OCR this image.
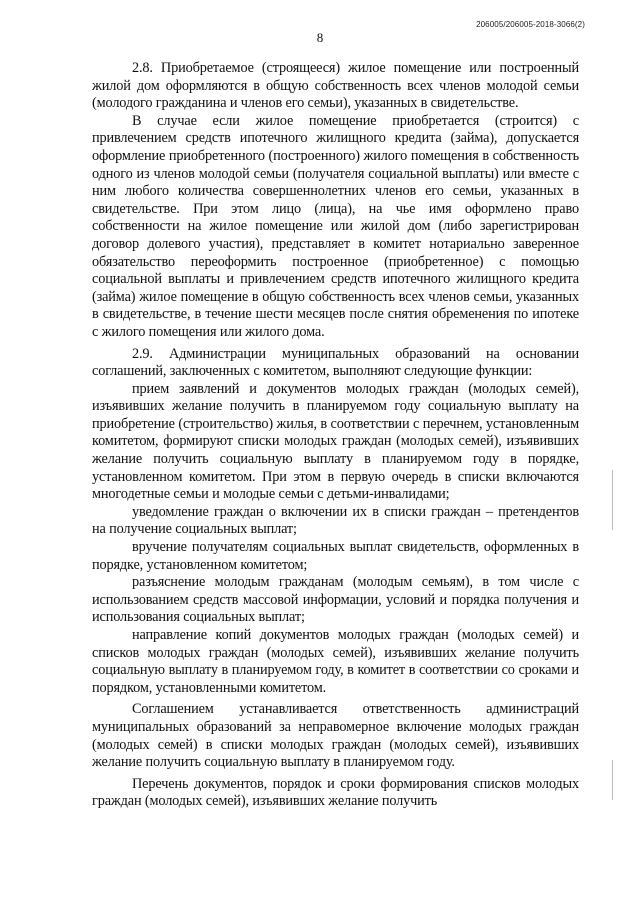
206005/206005-2018-3066(2)
8

2.8. Приобретаемое (строящееся) жилое помещение или построенный жилой дом оформляются в общую собственность всех членов молодой семьи (молодого гражданина и членов его семьи), указанных в свидетельстве.

В случае если жилое помещение приобретается (строится) с привлечением средств ипотечного жилищного кредита (займа), допускается оформление приобретенного (построенного) жилого помещения в собственность одного из членов молодой семьи (получателя социальной выплаты) или вместе с ним любого количества совершеннолетних членов его семьи, указанных в свидетельстве. При этом лицо (лица), на чье имя оформлено право собственности на жилое помещение или жилой дом (либо зарегистрирован договор долевого участия), представляет в комитет нотариально заверенное обязательство переоформить построенное (приобретенное) с помощью социальной выплаты и привлечением средств ипотечного жилищного кредита (займа) жилое помещение в общую собственность всех членов семьи, указанных в свидетельстве, в течение шести месяцев после снятия обременения по ипотеке с жилого помещения или жилого дома.

2.9. Администрации муниципальных образований на основании соглашений, заключенных с комитетом, выполняют следующие функции:

прием заявлений и документов молодых граждан (молодых семей), изъявивших желание получить в планируемом году социальную выплату на приобретение (строительство) жилья, в соответствии с перечнем, установленным комитетом, формируют списки молодых граждан (молодых семей), изъявивших желание получить социальную выплату в планируемом году в порядке, установленном комитетом. При этом в первую очередь в списки включаются многодетные семьи и молодые семьи с детьми-инвалидами;

уведомление граждан о включении их в списки граждан – претендентов на получение социальных выплат;

вручение получателям социальных выплат свидетельств, оформленных в порядке, установленном комитетом;

разъяснение молодым гражданам (молодым семьям), в том числе с использованием средств массовой информации, условий и порядка получения и использования социальных выплат;

направление копий документов молодых граждан (молодых семей) и списков молодых граждан (молодых семей), изъявивших желание получить социальную выплату в планируемом году, в комитет в соответствии со сроками и порядком, установленными комитетом.

Соглашением устанавливается ответственность администраций муниципальных образований за неправомерное включение молодых граждан (молодых семей) в списки молодых граждан (молодых семей), изъявивших желание получить социальную выплату в планируемом году.

Перечень документов, порядок и сроки формирования списков молодых граждан (молодых семей), изъявивших желание получить
